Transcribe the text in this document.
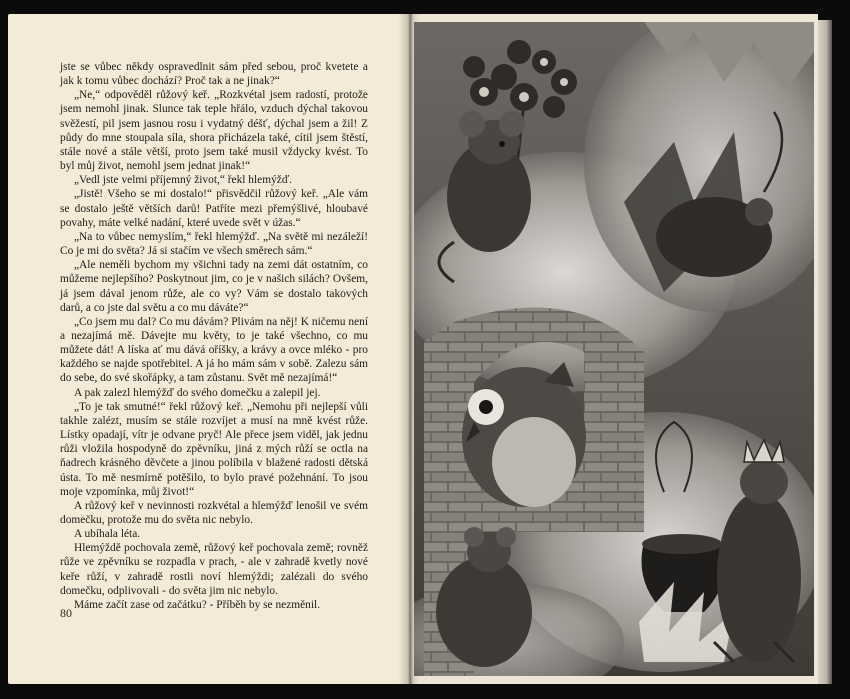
jste se vůbec někdy ospravedlnit sám před sebou, proč kvetete a jak k tomu vůbec dochází? Proč tak a ne jinak?“

„Ne,“ odpověděl růžový keř. „Rozkvétal jsem radostí, protože jsem nemohl jinak. Slunce tak teple hřálo, vzduch dýchal takovou svěžestí, pil jsem jasnou rosu i vydatný déšť, dýchal jsem a žil! Z půdy do mne stoupala síla, shora přicházela také, cítil jsem štěstí, stále nové a stále větší, proto jsem také musil vždycky kvést. To byl můj život, nemohl jsem jednat jinak!“

„Vedl jste velmi příjemný život,“ řekl hlemýžď.

„Jistě! Všeho se mi dostalo!“ přisvědčil růžový keř. „Ale vám se dostalo ještě větších darů! Patříte mezi přemýšlivé, hloubavé povahy, máte velké nadání, které uvede svět v úžas.“

„Na to vůbec nemyslím,“ řekl hlemýžď. „Na světě mi nezáleží! Co je mi do světa? Já si stačím ve všech směrech sám.“

„Ale neměli bychom my všichni tady na zemi dát ostatním, co můžeme nejlepšího? Poskytnout jim, co je v našich silách? Ovšem, já jsem dával jenom růže, ale co vy? Vám se dostalo takových darů, a co jste dal světu a co mu dáváte?“

„Co jsem mu dal? Co mu dávám? Plivám na něj! K ničemu není a nezajímá mě. Dávejte mu květy, to je také všechno, co mu můžete dát! A líska ať mu dává oříšky, a krávy a ovce mléko - pro každého se najde spotřebitel. A já ho mám sám v sobě. Zalezu sám do sebe, do své skořápky, a tam zůstanu. Svět mě nezajímá!“

A pak zalezl hlemýžď do svého domečku a zalepil jej.

„To je tak smutné!“ řekl růžový keř. „Nemohu při nejlepší vůli takhle zalézt, musím se stále rozvíjet a musí na mně kvést růže. Lístky opadají, vítr je odvane pryč! Ale přece jsem viděl, jak jednu růži vložila hospodyně do zpěvníku, jiná z mých růží se octla na ňadrech krásného děvčete a jinou políbila v blažené radosti dětská ústa. To mě nesmírně potěšilo, to bylo pravé požehnání. To jsou moje vzpomínka, můj život!“

A růžový keř v nevinnosti rozkvétal a hlemýžď lenošil ve svém domečku, protože mu do světa nic nebylo.

A ubíhala léta.

Hlemýždě pochovala země, růžový keř pochovala země; rovněž růže ve zpěvníku se rozpadla v prach, - ale v zahradě kvetly nové keře růží, v zahradě rostli noví hlemýždi; zalézali do svého domečku, odplivovali - do světa jim nic nebylo.

Máme začít zase od začátku? - Příběh by se nezměnil.

80
